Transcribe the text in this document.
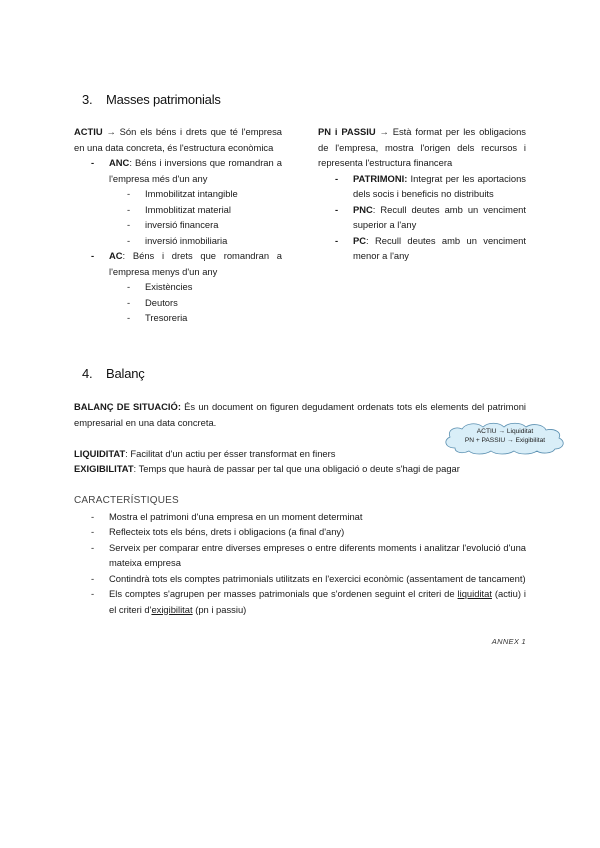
3. Masses patrimonials
ACTIU → Són els béns i drets que té l'empresa en una data concreta, és l'estructura econòmica
- ANC: Béns i inversions que romandran a l'empresa més d'un any
- Immobilitzat intangible
- Immoblitizat material
- inversió financera
- inversió inmobiliaria
- AC: Béns i drets que romandran a l'empresa menys d'un any
- Existències
- Deutors
- Tresoreria
PN i PASSIU → Està format per les obligacions de l'empresa, mostra l'origen dels recursos i representa l'estructura financera
- PATRIMONI: Integrat per les aportacions dels socis i beneficis no distribuits
- PNC: Recull deutes amb un venciment superior a l'any
- PC: Recull deutes amb un venciment menor a l'any
4. Balanç
BALANÇ DE SITUACIÓ: És un document on figuren degudament ordenats tots els elements del patrimoni empresarial en una data concreta.
LIQUIDITAT: Facilitat d'un actiu per ésser transformat en finers
EXIGIBILITAT: Temps que haurà de passar per tal que una obligació o deute s'hagi de pagar
ACTIU → Liquiditat
PN + PASSIU → Exigibilitat
CARACTERÍSTIQUES
- Mostra el patrimoni d'una empresa en un moment determinat
- Reflecteix tots els béns, drets i obligacions (a final d'any)
- Serveix per comparar entre diverses empreses o entre diferents moments i analitzar l'evolució d'una mateixa empresa
- Contindrà tots els comptes patrimonials utilitzats en l'exercici econòmic (assentament de tancament)
- Els comptes s'agrupen per masses patrimonials que s'ordenen seguint el criteri de liquiditat (actiu) i el criteri d'exigibilitat (pn i passiu)
ANNEX 1
